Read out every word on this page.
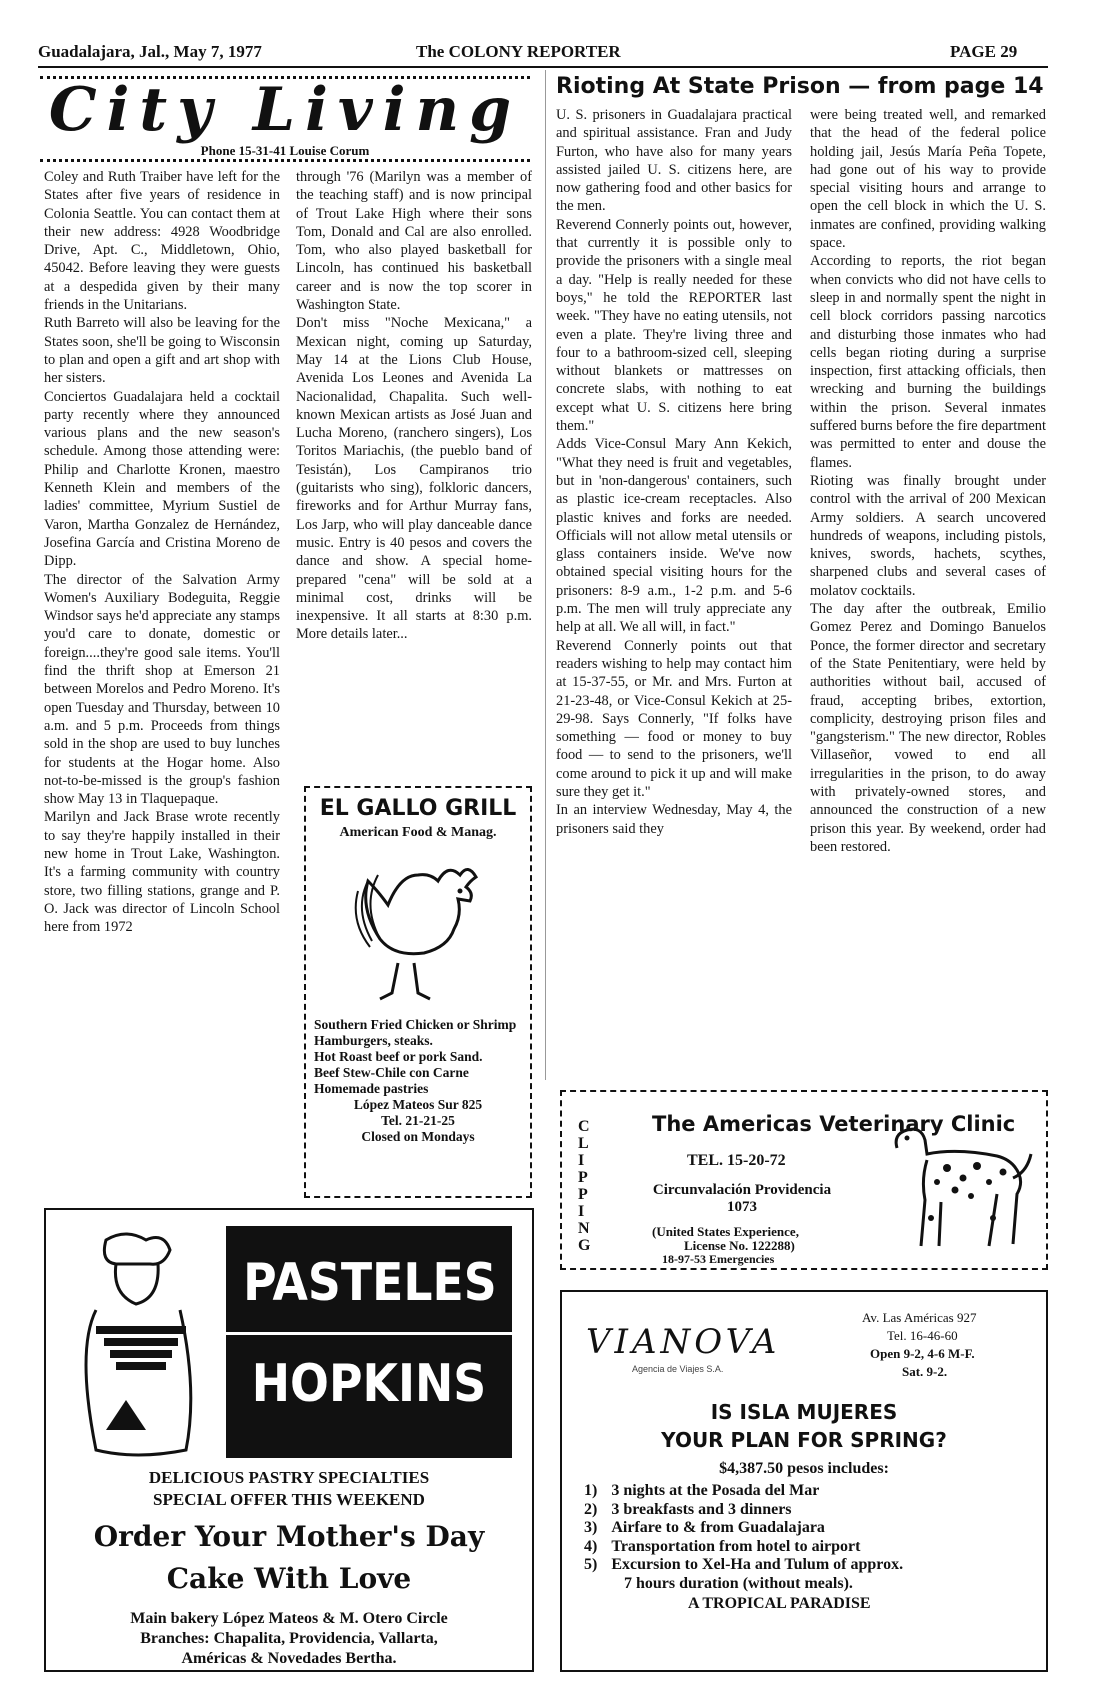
Guadalajara, Jal., May 7, 1977	The COLONY REPORTER	PAGE 29
City Living
Phone 15-31-41 Louise Corum
Coley and Ruth Traiber have left for the States after five years of residence in Colonia Seattle. You can contact them at their new address: 4928 Woodbridge Drive, Apt. C., Middletown, Ohio, 45042. Before leaving they were guests at a despedida given by their many friends in the Unitarians.
Ruth Barreto will also be leaving for the States soon, she'll be going to Wisconsin to plan and open a gift and art shop with her sisters.
Conciertos Guadalajara held a cocktail party recently where they announced various plans and the new season's schedule. Among those attending were: Philip and Charlotte Kronen, maestro Kenneth Klein and members of the ladies' committee, Myrium Sustiel de Varon, Martha Gonzalez de Hernández, Josefina García and Cristina Moreno de Dipp.
The director of the Salvation Army Women's Auxiliary Bodeguita, Reggie Windsor says he'd appreciate any stamps you'd care to donate, domestic or foreign....they're good sale items. You'll find the thrift shop at Emerson 21 between Morelos and Pedro Moreno. It's open Tuesday and Thursday, between 10 a.m. and 5 p.m. Proceeds from things sold in the shop are used to buy lunches for students at the Hogar home. Also not-to-be-missed is the group's fashion show May 13 in Tlaquepaque.
Marilyn and Jack Brase wrote recently to say they're happily installed in their new home in Trout Lake, Washington. It's a farming community with country store, two filling stations, grange and P. O. Jack was director of Lincoln School here from 1972
through '76 (Marilyn was a member of the teaching staff) and is now principal of Trout Lake High where their sons Tom, Donald and Cal are also enrolled. Tom, who also played basketball for Lincoln, has continued his basketball career and is now the top scorer in Washington State.
Don't miss "Noche Mexicana," a Mexican night, coming up Saturday, May 14 at the Lions Club House, Avenida Los Leones and Avenida La Nacionalidad, Chapalita. Such well-known Mexican artists as José Juan and Lucha Moreno, (ranchero singers), Los Toritos Mariachis, (the pueblo band of Tesistán), Los Campiranos trio (guitarists who sing), folkloric dancers, fireworks and for Arthur Murray fans, Los Jarp, who will play danceable dance music. Entry is 40 pesos and covers the dance and show. A special home-prepared "cena" will be sold at a minimal cost, drinks will be inexpensive. It all starts at 8:30 p.m. More details later...
EL GALLO GRILL
American Food & Manag.
Southern Fried Chicken or Shrimp
Hamburgers, steaks.
Hot Roast beef or pork Sand.
Beef Stew-Chile con Carne
Homemade pastries
López Mateos Sur 825
Tel. 21-21-25
Closed on Mondays
Rioting At State Prison — from page 14
U. S. prisoners in Guadalajara practical and spiritual assistance. Fran and Judy Furton, who have also for many years assisted jailed U. S. citizens here, are now gathering food and other basics for the men.
Reverend Connerly points out, however, that currently it is possible only to provide the prisoners with a single meal a day. "Help is really needed for these boys," he told the REPORTER last week. "They have no eating utensils, not even a plate. They're living three and four to a bathroom-sized cell, sleeping without blankets or mattresses on concrete slabs, with nothing to eat except what U. S. citizens here bring them."
Adds Vice-Consul Mary Ann Kekich, "What they need is fruit and vegetables, but in 'non-dangerous' containers, such as plastic ice-cream receptacles. Also plastic knives and forks are needed. Officials will not allow metal utensils or glass containers inside. We've now obtained special visiting hours for the prisoners: 8-9 a.m., 1-2 p.m. and 5-6 p.m. The men will truly appreciate any help at all. We all will, in fact."
Reverend Connerly points out that readers wishing to help may contact him at 15-37-55, or Mr. and Mrs. Furton at 21-23-48, or Vice-Consul Kekich at 25-29-98. Says Connerly, "If folks have something — food or money to buy food — to send to the prisoners, we'll come around to pick it up and will make sure they get it."
In an interview Wednesday, May 4, the prisoners said they
were being treated well, and remarked that the head of the federal police holding jail, Jesús María Peña Topete, had gone out of his way to provide special visiting hours and arrange to open the cell block in which the U. S. inmates are confined, providing walking space.
According to reports, the riot began when convicts who did not have cells to sleep in and normally spent the night in cell block corridors passing narcotics and disturbing those inmates who had cells began rioting during a surprise inspection, first attacking officials, then wrecking and burning the buildings within the prison. Several inmates suffered burns before the fire department was permitted to enter and douse the flames.
Rioting was finally brought under control with the arrival of 200 Mexican Army soldiers. A search uncovered hundreds of weapons, including pistols, knives, swords, hachets, scythes, sharpened clubs and several cases of molatov cocktails.
The day after the outbreak, Emilio Gomez Perez and Domingo Banuelos Ponce, the former director and secretary of the State Penitentiary, were held by authorities without bail, accused of fraud, accepting bribes, extortion, complicity, destroying prison files and "gangsterism." The new director, Robles Villaseñor, vowed to end all irregularities in the prison, to do away with privately-owned stores, and announced the construction of a new prison this year. By weekend, order had been restored.
CLIPPING
The Americas Veterinary Clinic
TEL. 15-20-72
Circunvalación Providencia 1073
(United States Experience,
License No. 122288)
18-97-53 Emergencies
PASTELES
HOPKINS
DELICIOUS PASTRY SPECIALTIES
SPECIAL OFFER THIS WEEKEND
Order Your Mother's Day
Cake With Love
Main bakery López Mateos & M. Otero Circle
Branches: Chapalita, Providencia, Vallarta,
Américas & Novedades Bertha.
VIANOVA
Agencia de Viajes S.A.
Av. Las Américas 927
Tel. 16-46-60
Open 9-2, 4-6 M-F.
Sat. 9-2.
IS ISLA MUJERES
YOUR PLAN FOR SPRING?
$4,387.50 pesos includes:
1) 3 nights at the Posada del Mar
2) 3 breakfasts and 3 dinners
3) Airfare to & from Guadalajara
4) Transportation from hotel to airport
5) Excursion to Xel-Ha and Tulum of approx.
7 hours duration (without meals).
A TROPICAL PARADISE
